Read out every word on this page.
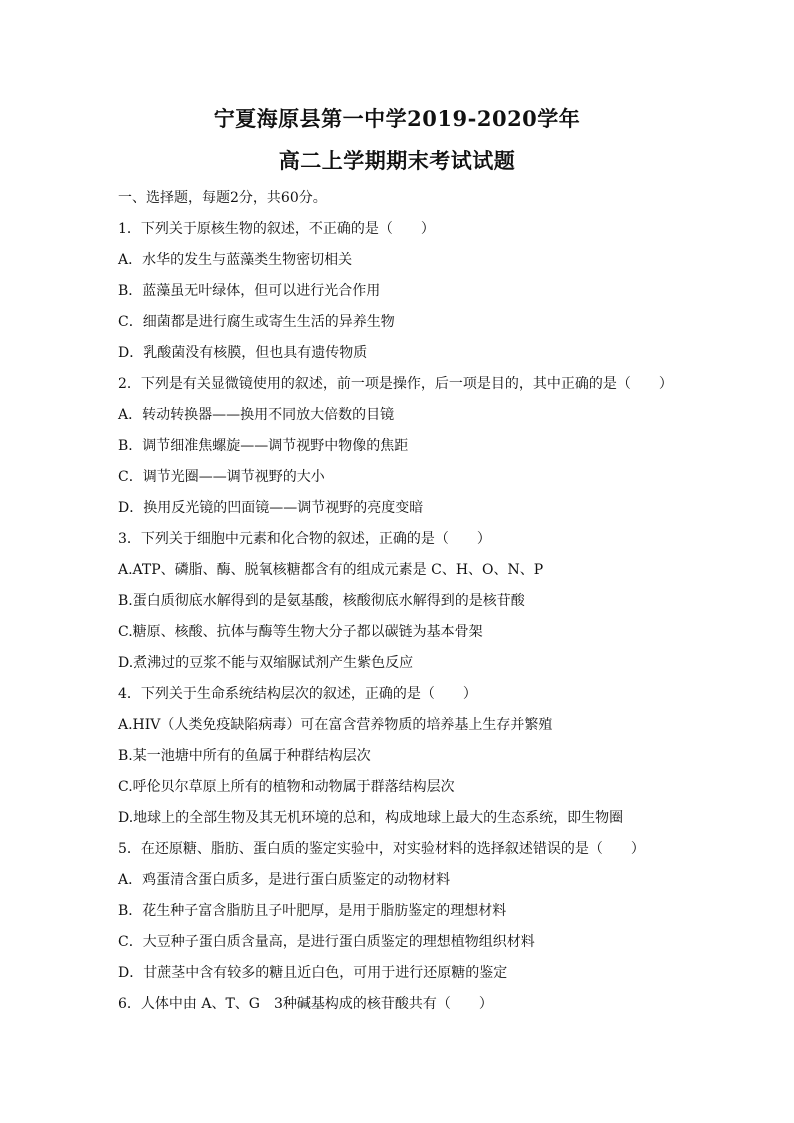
宁夏海原县第一中学2019-2020学年
高二上学期期末考试试题
一、选择题，每题2分，共60分。
1．下列关于原核生物的叙述，不正确的是（　　）
A．水华的发生与蓝藻类生物密切相关
B．蓝藻虽无叶绿体，但可以进行光合作用
C．细菌都是进行腐生或寄生生活的异养生物
D．乳酸菌没有核膜，但也具有遗传物质
2．下列是有关显微镜使用的叙述，前一项是操作，后一项是目的，其中正确的是（　　）
A．转动转换器——换用不同放大倍数的目镜
B．调节细准焦螺旋——调节视野中物像的焦距
C．调节光圈——调节视野的大小
D．换用反光镜的凹面镜——调节视野的亮度变暗
3．下列关于细胞中元素和化合物的叙述，正确的是（　　）
A.ATP、磷脂、酶、脱氧核糖都含有的组成元素是 C、H、O、N、P
B.蛋白质彻底水解得到的是氨基酸，核酸彻底水解得到的是核苷酸
C.糖原、核酸、抗体与酶等生物大分子都以碳链为基本骨架
D.煮沸过的豆浆不能与双缩脲试剂产生紫色反应
4．下列关于生命系统结构层次的叙述，正确的是（　　）
A.HIV（人类免疫缺陷病毒）可在富含营养物质的培养基上生存并繁殖
B.某一池塘中所有的鱼属于种群结构层次
C.呼伦贝尔草原上所有的植物和动物属于群落结构层次
D.地球上的全部生物及其无机环境的总和，构成地球上最大的生态系统，即生物圈
5．在还原糖、脂肪、蛋白质的鉴定实验中，对实验材料的选择叙述错误的是（　　）
A．鸡蛋清含蛋白质多，是进行蛋白质鉴定的动物材料
B．花生种子富含脂肪且子叶肥厚，是用于脂肪鉴定的理想材料
C．大豆种子蛋白质含量高，是进行蛋白质鉴定的理想植物组织材料
D．甘蔗茎中含有较多的糖且近白色，可用于进行还原糖的鉴定
6．人体中由 A、T、G　3种碱基构成的核苷酸共有（　　）
